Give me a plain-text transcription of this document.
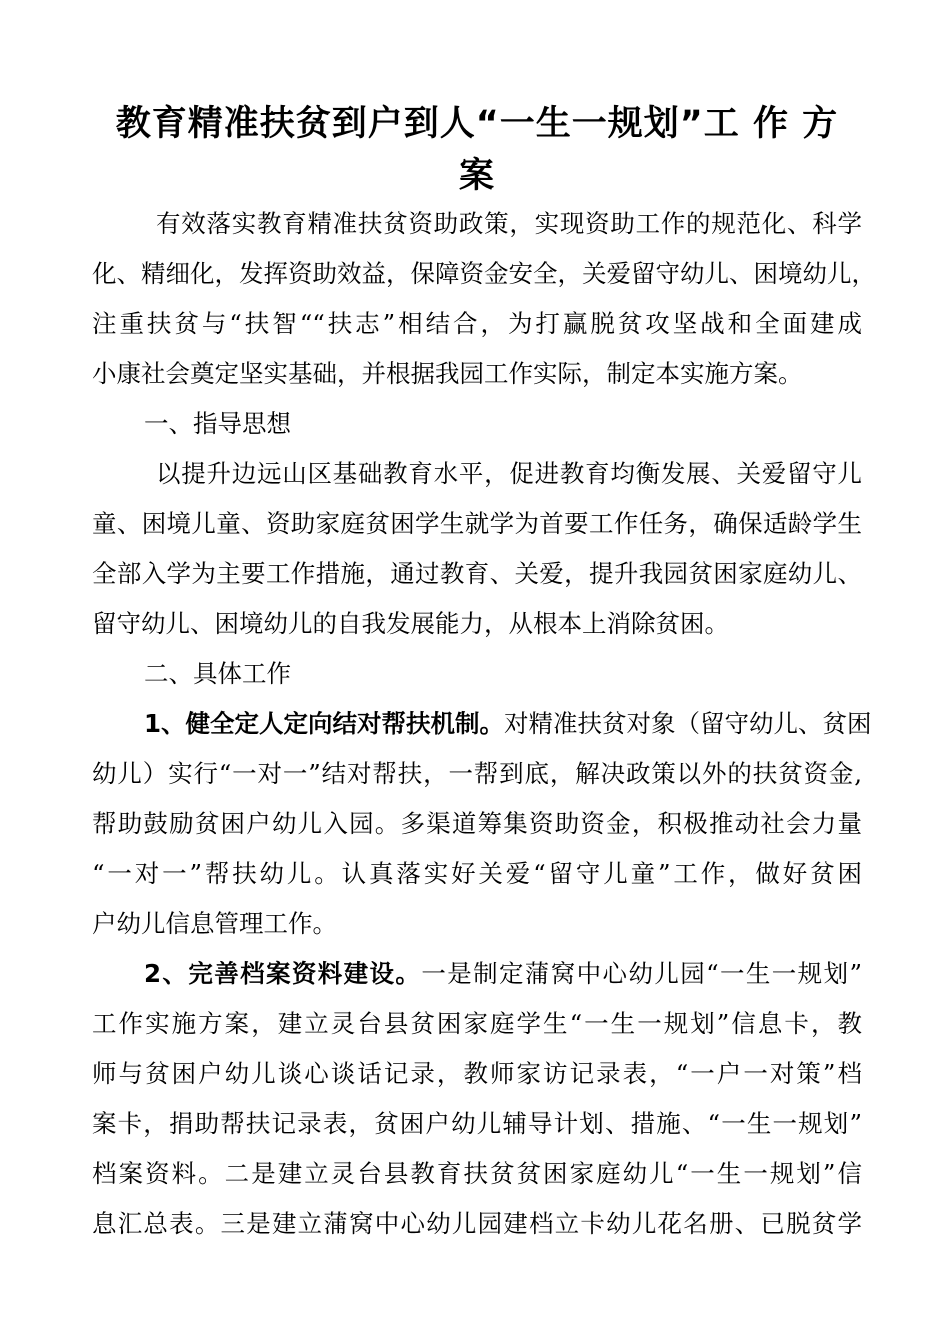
教育精准扶贫到户到人“一生一规划”工 作 方
案
有效落实教育精准扶贫资助政策，实现资助工作的规范化、科学
化、精细化，发挥资助效益，保障资金安全，关爱留守幼儿、困境幼儿，
注重扶贫与“扶智““扶志”相结合，为打赢脱贫攻坚战和全面建成
小康社会奠定坚实基础，并根据我园工作实际，制定本实施方案。
一、指导思想
以提升边远山区基础教育水平，促进教育均衡发展、关爱留守儿
童、困境儿童、资助家庭贫困学生就学为首要工作任务，确保适龄学生
全部入学为主要工作措施，通过教育、关爱，提升我园贫困家庭幼儿、
留守幼儿、困境幼儿的自我发展能力，从根本上消除贫困。
二、具体工作
1、健全定人定向结对帮扶机制。对精准扶贫对象（留守幼儿、贫困
幼儿）实行“一对一”结对帮扶，一帮到底，解决政策以外的扶贫资金,
帮助鼓励贫困户幼儿入园。多渠道筹集资助资金，积极推动社会力量
“一对一”帮扶幼儿。认真落实好关爱“留守儿童”工作，做好贫困
户幼儿信息管理工作。
2、完善档案资料建设。一是制定蒲窝中心幼儿园“一生一规划”
工作实施方案，建立灵台县贫困家庭学生“一生一规划”信息卡，教
师与贫困户幼儿谈心谈话记录，教师家访记录表，“一户一对策”档
案卡，捐助帮扶记录表，贫困户幼儿辅导计划、措施、“一生一规划”
档案资料。二是建立灵台县教育扶贫贫困家庭幼儿“一生一规划”信
息汇总表。三是建立蒲窝中心幼儿园建档立卡幼儿花名册、已脱贫学
